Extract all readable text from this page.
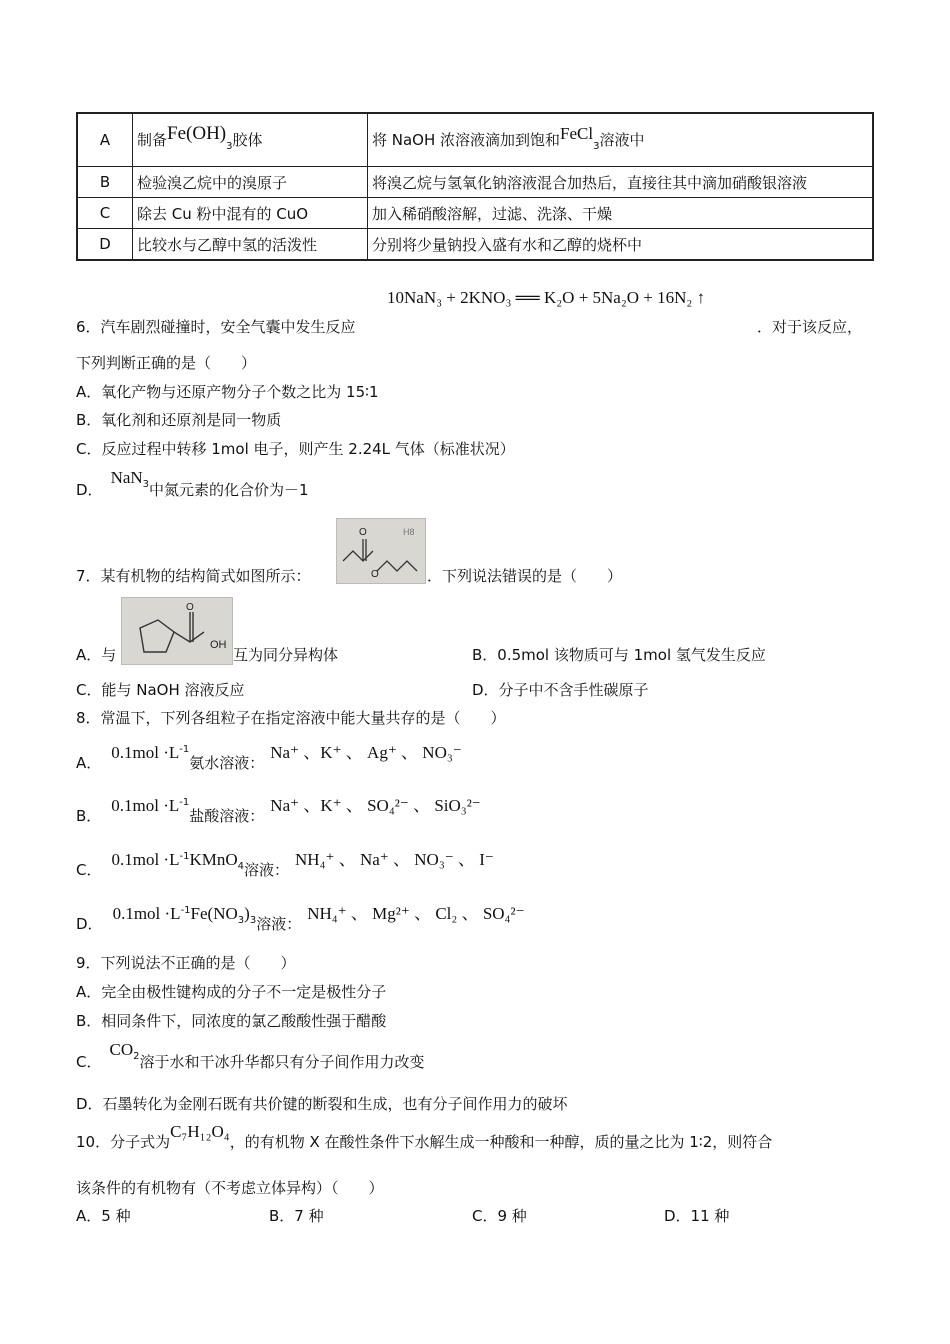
A	制备$Fe(OH)_3$胶体	将 NaOH 浓溶液滴加到饱和FeCl$_3$溶液中
B	检验溴乙烷中的溴原子	将溴乙烷与氢氧化钠溶液混合加热后，直接往其中滴加硝酸银溶液
C	除去 Cu 粉中混有的 CuO	加入稀硝酸溶解，过滤、洗涤、干燥
D	比较水与乙醇中氢的活泼性	分别将少量钠投入盛有水和乙醇的烧杯中
10NaN₃ + 2KNO₃ ══ K₂O + 5Na₂O + 16N₂ ↑
6．汽车剧烈碰撞时，安全气囊中发生反应	．对于该反应，
下列判断正确的是（　　）
A．氧化产物与还原产物分子个数之比为 15∶1
B．氧化剂和还原剂是同一物质
C．反应过程中转移 1mol 电子，则产生 2.24L 气体（标准状况）
D．NaN$_3$中氮元素的化合价为－1
7．某有机物的结构简式如图所示：
O
O
H8
．下列说法错误的是（　　）
A．与
O
OH
互为同分异构体	B．0.5mol 该物质可与 1mol 氢气发生反应
C．能与 NaOH 溶液反应	D．分子中不含手性碳原子
8．常温下，下列各组粒子在指定溶液中能大量共存的是（　　）
A．$0.1mol \cdot L^{-1}$氨水溶液：Na⁺ 、K⁺ 、 Ag⁺ 、 NO₃⁻
B．$0.1mol \cdot L^{-1}$盐酸溶液：Na⁺ 、K⁺ 、 SO₄²⁻ 、 SiO₃²⁻
C．$0.1mol \cdot L^{-1}KMnO_4$溶液：NH₄⁺ 、 Na⁺ 、 NO₃⁻ 、 I⁻
D．$0.1mol \cdot L^{-1}Fe(NO_3)_3$溶液：NH₄⁺ 、 Mg²⁺ 、 Cl₂ 、 SO₄²⁻
9．下列说法不正确的是（　　）
A．完全由极性键构成的分子不一定是极性分子
B．相同条件下，同浓度的氯乙酸酸性强于醋酸
C．$CO_2$溶于水和干冰升华都只有分子间作用力改变
D．石墨转化为金刚石既有共价键的断裂和生成，也有分子间作用力的破坏
10．分子式为C₇H₁₂O₄，的有机物 X 在酸性条件下水解生成一种酸和一种醇，质的量之比为 1∶2，则符合
该条件的有机物有（不考虑立体异构）（　　）
A．5 种	B．7 种	C．9 种	D．11 种
